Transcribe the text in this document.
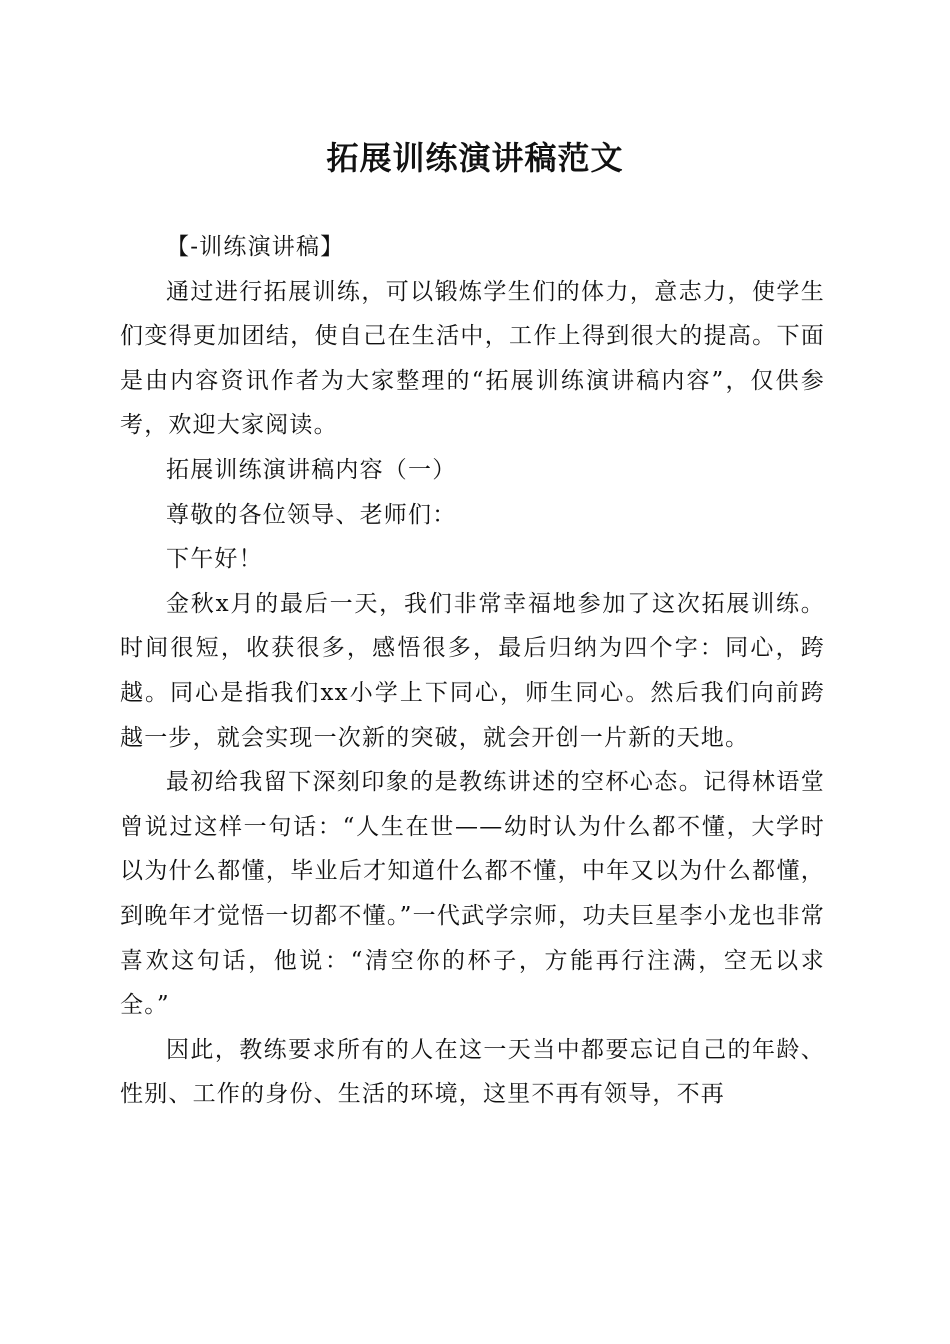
拓展训练演讲稿范文

【-训练演讲稿】

通过进行拓展训练，可以锻炼学生们的体力，意志力，使学生们变得更加团结，使自己在生活中，工作上得到很大的提高。下面是由内容资讯作者为大家整理的“拓展训练演讲稿内容”，仅供参考，欢迎大家阅读。

拓展训练演讲稿内容（一）

尊敬的各位领导、老师们：

下午好！

金秋x月的最后一天，我们非常幸福地参加了这次拓展训练。时间很短，收获很多，感悟很多，最后归纳为四个字：同心，跨越。同心是指我们xx小学上下同心，师生同心。然后我们向前跨越一步，就会实现一次新的突破，就会开创一片新的天地。

最初给我留下深刻印象的是教练讲述的空杯心态。记得林语堂曾说过这样一句话：“人生在世——幼时认为什么都不懂，大学时以为什么都懂，毕业后才知道什么都不懂，中年又以为什么都懂，到晚年才觉悟一切都不懂。”一代武学宗师，功夫巨星李小龙也非常喜欢这句话，他说：“清空你的杯子，方能再行注满，空无以求全。”

因此，教练要求所有的人在这一天当中都要忘记自己的年龄、性别、工作的身份、生活的环境，这里不再有领导，不再
